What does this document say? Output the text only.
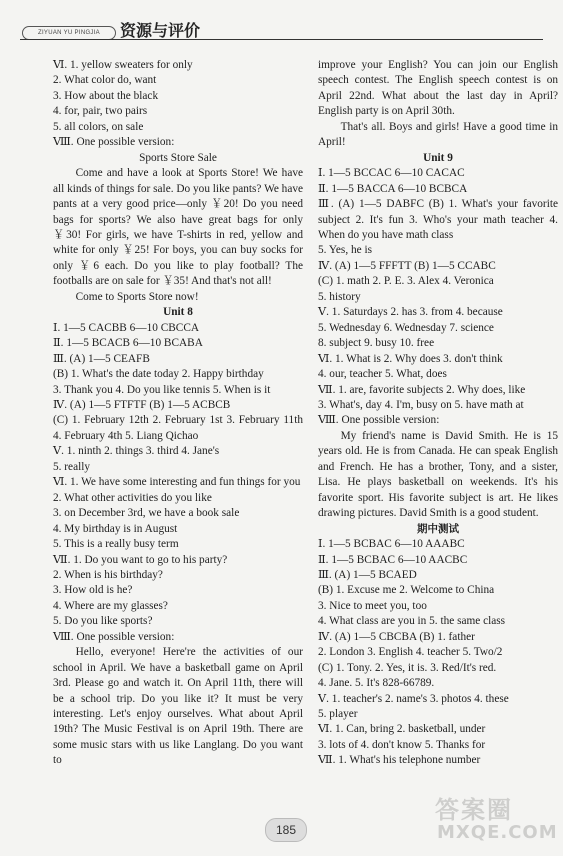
ZIYUAN YU PINGJIA	资源与评价
Ⅵ. 1. yellow sweaters for only
2. What color do, want
3. How about the black
4. for, pair, two pairs
5. all colors, on sale
Ⅷ. One possible version:
Sports Store Sale
Come and have a look at Sports Store! We have all kinds of things for sale. Do you like pants? We have pants at a very good price—only ￥20! Do you need bags for sports? We also have great bags for only ￥30! For girls, we have T-shirts in red, yellow and white for only ￥25! For boys, you can buy socks for only ￥6 each. Do you like to play football? The footballs are on sale for ￥35! And that's not all!
Come to Sports Store now!
Unit 8
Ⅰ. 1—5 CACBB 6—10 CBCCA
Ⅱ. 1—5 BCACB 6—10 BCABA
Ⅲ. (A) 1—5 CEAFB
(B) 1. What's the date today 2. Happy birthday
3. Thank you 4. Do you like tennis 5. When is it
Ⅳ. (A) 1—5 FTFTF (B) 1—5 ACBCB
(C) 1. February 12th 2. February 1st 3. February 11th 4. February 4th 5. Liang Qichao
Ⅴ. 1. ninth 2. things 3. third 4. Jane's
5. really
Ⅵ. 1. We have some interesting and fun things for you
2. What other activities do you like
3. on December 3rd, we have a book sale
4. My birthday is in August
5. This is a really busy term
Ⅶ. 1. Do you want to go to his party?
2. When is his birthday?
3. How old is he?
4. Where are my glasses?
5. Do you like sports?
Ⅷ. One possible version:
Hello, everyone! Here're the activities of our school in April. We have a basketball game on April 3rd. Please go and watch it. On April 11th, there will be a school trip. Do you like it? It must be very interesting. Let's enjoy ourselves. What about April 19th? The Music Festival is on April 19th. There are some music stars with us like Langlang. Do you want to
improve your English? You can join our English speech contest. The English speech contest is on April 22nd. What about the last day in April? English party is on April 30th.
That's all. Boys and girls! Have a good time in April!
Unit 9
Ⅰ. 1—5 BCCAC 6—10 CACAC
Ⅱ. 1—5 BACCA 6—10 BCBCA
Ⅲ. (A) 1—5 DABFC (B) 1. What's your favorite subject 2. It's fun 3. Who's your math teacher 4. When do you have math class
5. Yes, he is
Ⅳ. (A) 1—5 FFFTT (B) 1—5 CCABC
(C) 1. math 2. P. E. 3. Alex 4. Veronica
5. history
Ⅴ. 1. Saturdays 2. has 3. from 4. because
5. Wednesday 6. Wednesday 7. science
8. subject 9. busy 10. free
Ⅵ. 1. What is 2. Why does 3. don't think
4. our, teacher 5. What, does
Ⅶ. 1. are, favorite subjects 2. Why does, like
3. What's, day 4. I'm, busy on 5. have math at
Ⅷ. One possible version:
My friend's name is David Smith. He is 15 years old. He is from Canada. He can speak English and French. He has a brother, Tony, and a sister, Lisa. He plays basketball on weekends. It's his favorite sport. His favorite subject is art. He likes drawing pictures. David Smith is a good student.
期中测试
Ⅰ. 1—5 BCBAC 6—10 AAABC
Ⅱ. 1—5 BCBAC 6—10 AACBC
Ⅲ. (A) 1—5 BCAED
(B) 1. Excuse me 2. Welcome to China
3. Nice to meet you, too
4. What class are you in 5. the same class
Ⅳ. (A) 1—5 CBCBA (B) 1. father
2. London 3. English 4. teacher 5. Two/2
(C) 1. Tony. 2. Yes, it is. 3. Red/It's red.
4. Jane. 5. It's 828-66789.
Ⅴ. 1. teacher's 2. name's 3. photos 4. these
5. player
Ⅵ. 1. Can, bring 2. basketball, under
3. lots of 4. don't know 5. Thanks for
Ⅶ. 1. What's his telephone number
185
答案圈
MXQE.COM
